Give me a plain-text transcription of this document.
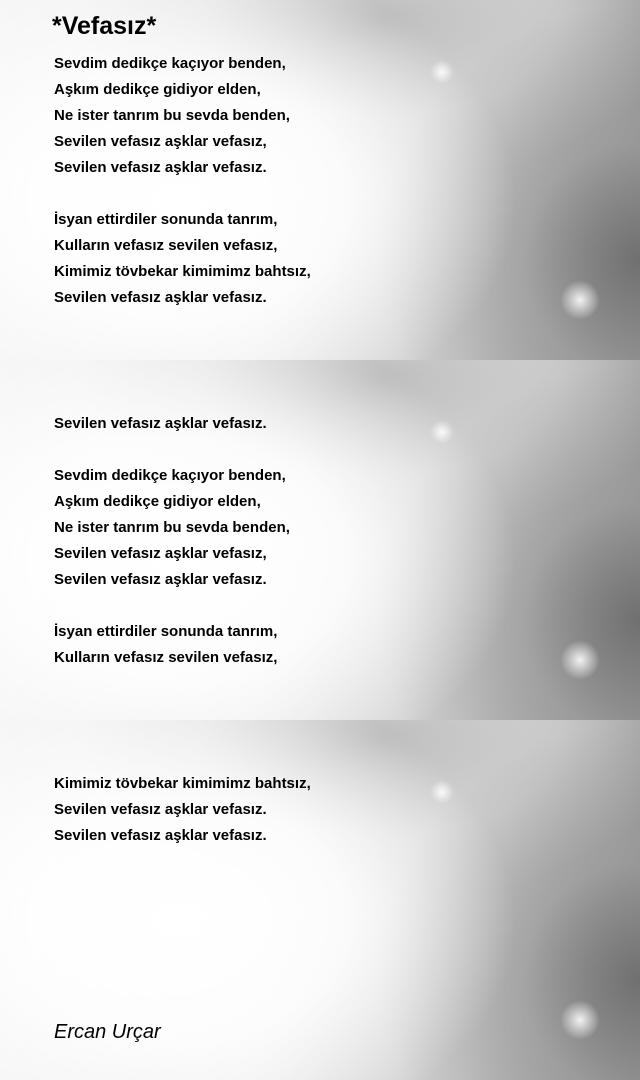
*Vefasız*
Sevdim dedikçe kaçıyor benden,
Aşkım dedikçe gidiyor elden,
Ne ister tanrım bu sevda benden,
Sevilen vefasız aşklar vefasız,
Sevilen vefasız aşklar vefasız.
İsyan ettirdiler sonunda tanrım,
Kulların vefasız sevilen vefasız,
Kimimiz tövbekar kimimimz bahtsız,
Sevilen vefasız aşklar vefasız.
Sevilen vefasız aşklar vefasız.
Sevdim dedikçe kaçıyor benden,
Aşkım dedikçe gidiyor elden,
Ne ister tanrım bu sevda benden,
Sevilen vefasız aşklar vefasız,
Sevilen vefasız aşklar vefasız.
İsyan ettirdiler sonunda tanrım,
Kulların vefasız sevilen vefasız,
Kimimiz tövbekar kimimimz bahtsız,
Sevilen vefasız aşklar vefasız.
Sevilen vefasız aşklar vefasız.
Ercan Urçar
